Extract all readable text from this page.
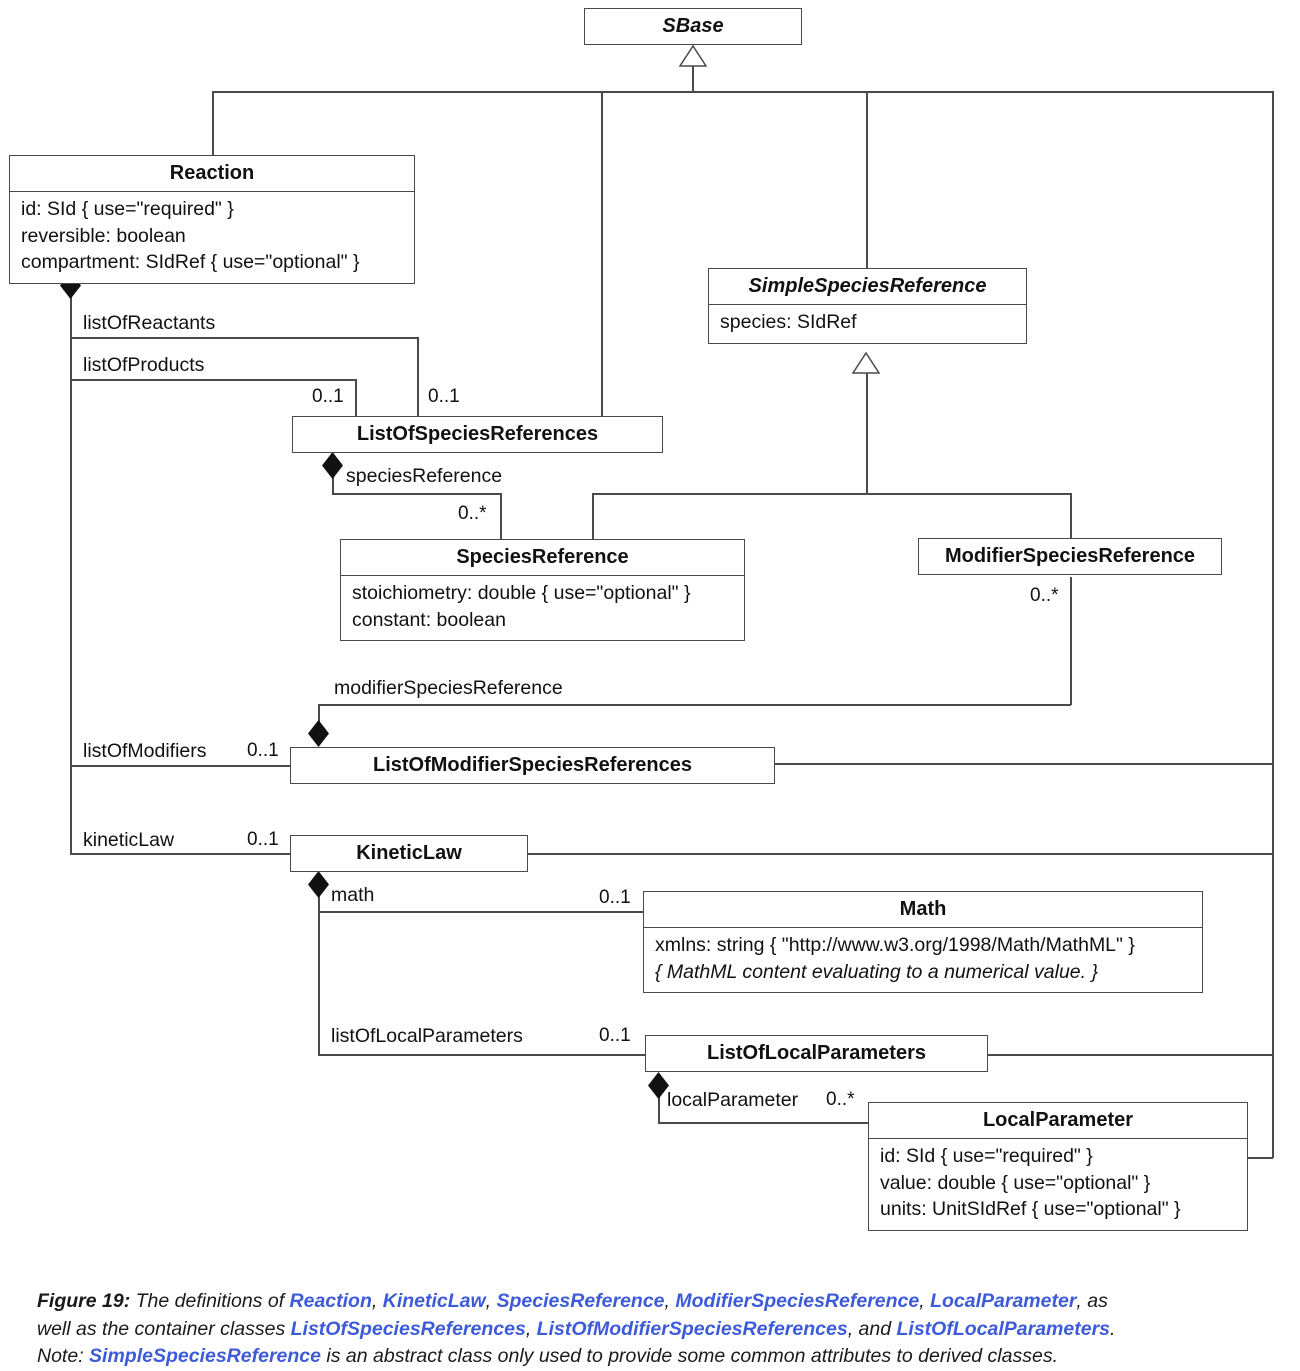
SBase
Reaction
id: SId { use="required" }
reversible: boolean
compartment: SIdRef { use="optional" }
SimpleSpeciesReference
species: SIdRef
ListOfSpeciesReferences
SpeciesReference
stoichiometry: double { use="optional" }
constant: boolean
ModifierSpeciesReference
ListOfModifierSpeciesReferences
KineticLaw
Math
xmlns: string { "http://www.w3.org/1998/Math/MathML" }
{ MathML content evaluating to a numerical value. }
ListOfLocalParameters
LocalParameter
id: SId { use="required" }
value: double { use="optional" }
units: UnitSIdRef { use="optional" }
listOfReactants
listOfProducts
0..1	0..1
speciesReference
0..*
0..*
modifierSpeciesReference
listOfModifiers 0..1
kineticLaw	0..1
math	0..1
listOfLocalParameters	0..1
localParameter 0..*
Figure 19: The definitions of Reaction, KineticLaw, SpeciesReference, ModifierSpeciesReference, LocalParameter, as
well as the container classes ListOfSpeciesReferences, ListOfModifierSpeciesReferences, and ListOfLocalParameters.
Note: SimpleSpeciesReference is an abstract class only used to provide some common attributes to derived classes.
